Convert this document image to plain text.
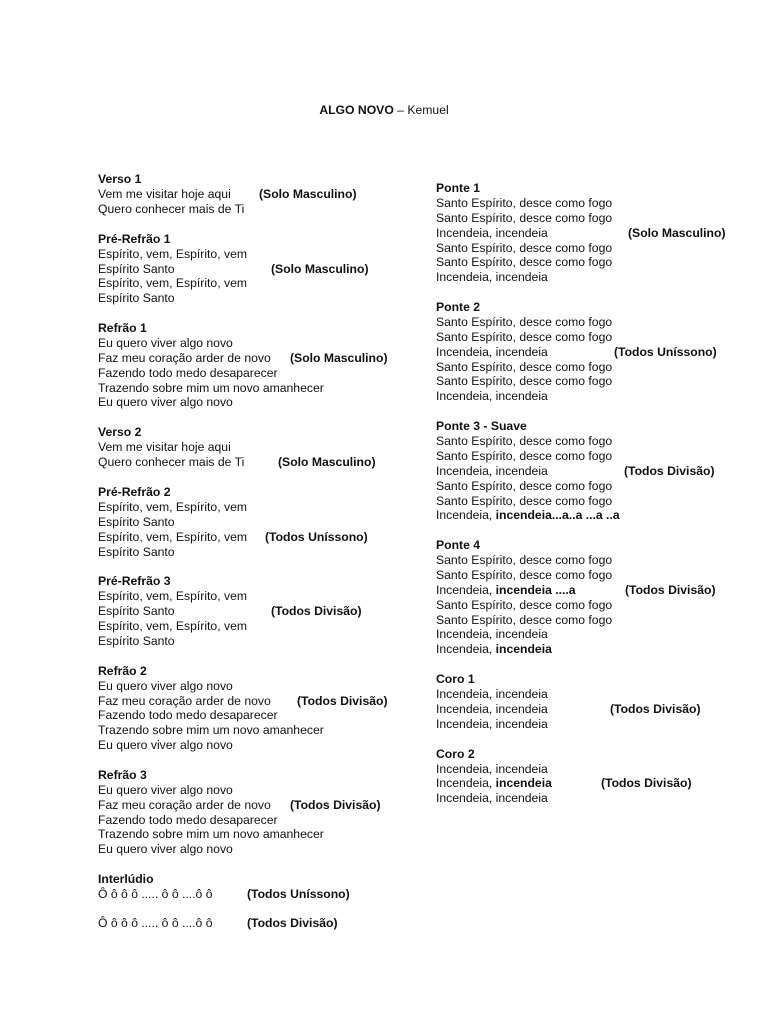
ALGO NOVO – Kemuel
Verso 1
Vem me visitar hoje aqui (Solo Masculino)
Quero conhecer mais de Ti
Pré-Refrão 1
Espírito, vem, Espírito, vem
Espírito Santo	(Solo Masculino)
Espírito, vem, Espírito, vem
Espírito Santo
Refrão 1
Eu quero viver algo novo
Faz meu coração arder de novo (Solo Masculino)
Fazendo todo medo desaparecer
Trazendo sobre mim um novo amanhecer
Eu quero viver algo novo
Verso 2
Vem me visitar hoje aqui
Quero conhecer mais de Ti	(Solo Masculino)
Pré-Refrão 2
Espírito, vem, Espírito, vem
Espírito Santo
Espírito, vem, Espírito, vem (Todos Uníssono)
Espírito Santo
Pré-Refrão 3
Espírito, vem, Espírito, vem
Espírito Santo	(Todos Divisão)
Espírito, vem, Espírito, vem
Espírito Santo
Refrão 2
Eu quero viver algo novo
Faz meu coração arder de novo (Todos Divisão)
Fazendo todo medo desaparecer
Trazendo sobre mim um novo amanhecer
Eu quero viver algo novo
Refrão 3
Eu quero viver algo novo
Faz meu coração arder de novo (Todos Divisão)
Fazendo todo medo desaparecer
Trazendo sobre mim um novo amanhecer
Eu quero viver algo novo
Interlúdio
Ô ô ô ô ..... ô ô ....ô ô	(Todos Uníssono)
Ô ô ô ô ..... ô ô ....ô ô	(Todos Divisão)
Ponte 1
Santo Espírito, desce como fogo
Santo Espírito, desce como fogo
Incendeia, incendeia	(Solo Masculino)
Santo Espírito, desce como fogo
Santo Espírito, desce como fogo
Incendeia, incendeia
Ponte 2
Santo Espírito, desce como fogo
Santo Espírito, desce como fogo
Incendeia, incendeia	(Todos Uníssono)
Santo Espírito, desce como fogo
Santo Espírito, desce como fogo
Incendeia, incendeia
Ponte 3 - Suave
Santo Espírito, desce como fogo
Santo Espírito, desce como fogo
Incendeia, incendeia	(Todos Divisão)
Santo Espírito, desce como fogo
Santo Espírito, desce como fogo
Incendeia, incendeia...a..a ...a ..a
Ponte 4
Santo Espírito, desce como fogo
Santo Espírito, desce como fogo
Incendeia, incendeia ....a	(Todos Divisão)
Santo Espírito, desce como fogo
Santo Espírito, desce como fogo
Incendeia, incendeia
Incendeia, incendeia
Coro 1
Incendeia, incendeia
Incendeia, incendeia	(Todos Divisão)
Incendeia, incendeia
Coro 2
Incendeia, incendeia
Incendeia, incendeia	(Todos Divisão)
Incendeia, incendeia
